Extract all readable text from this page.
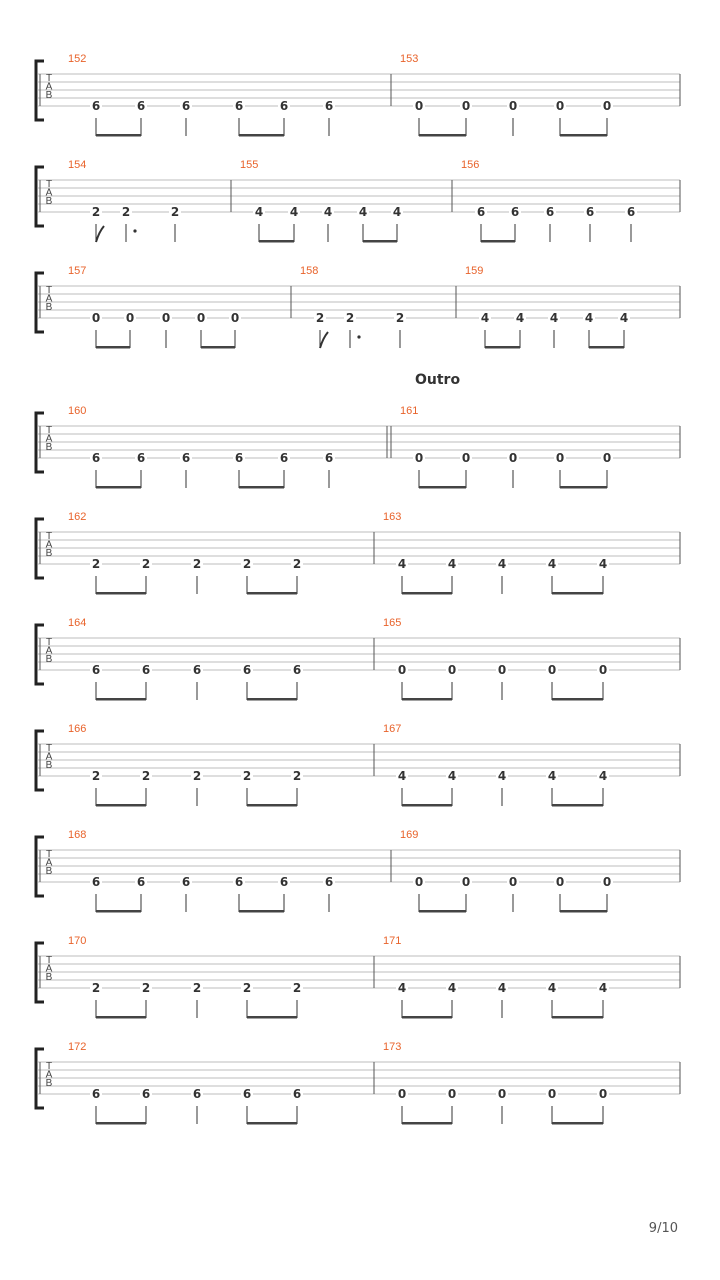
T
A
B
152
6	6	6	6	6	6
153
0	0	0	0	0
T
A
B
154
2 2	2
155
4 4 4 4 4
156
6 6 6	6	6
T
A
B
157
0 0 0 0 0
158
2 2	2
159
4 4 4 4 4
T
A
B
160
6	6	6	6	6	6
161
0	0	0	0	0
T
A
B
162
2	2	2	2	2
163
4	4	4	4	4
T
A
B
164
6	6	6	6	6
165
0	0	0	0	0
T
A
B
166
2	2	2	2	2
167
4	4	4	4	4
T
A
B
168
6	6	6	6	6	6
169
0	0	0	0	0
T
A
B
170
2	2	2	2	2
171
4	4	4	4	4
T
A
B
172
6	6	6	6	6
173
0	0	0	0	0
Outro
9/10
